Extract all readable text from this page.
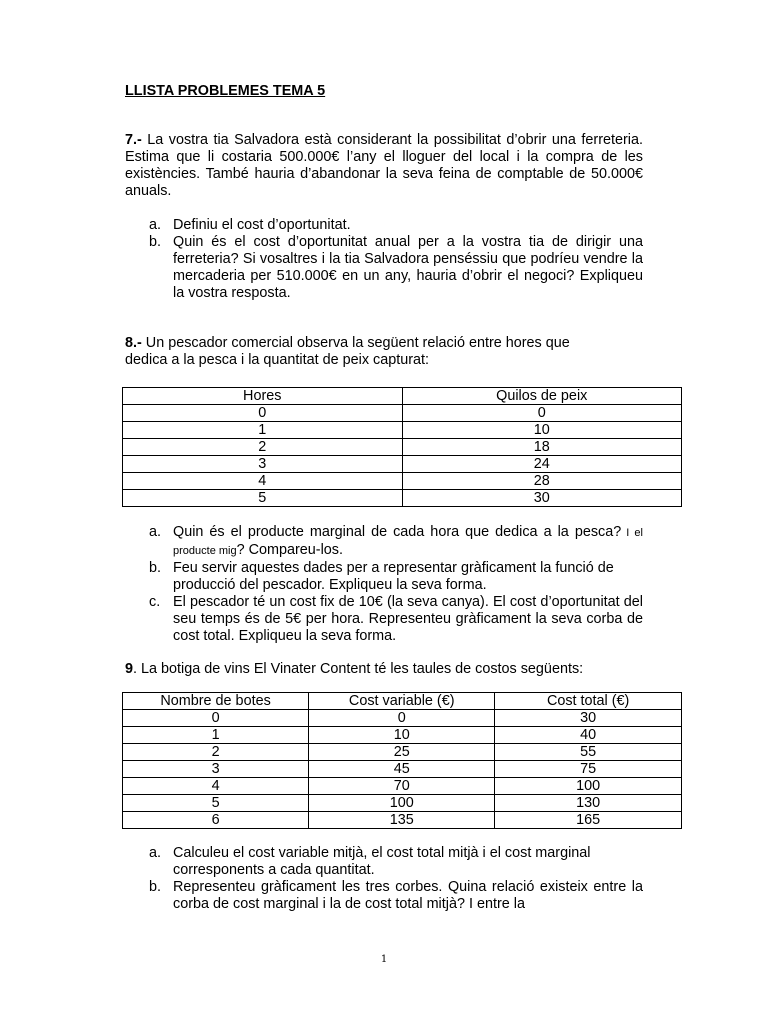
LLISTA PROBLEMES TEMA 5

7.- La vostra tia Salvadora està considerant la possibilitat d’obrir una ferreteria. Estima que li costaria 500.000€ l’any el lloguer del local i la compra de les existències. També hauria d’abandonar la seva feina de comptable de 50.000€ anuals.

a. Definiu el cost d’oportunitat.
b. Quin és el cost d’oportunitat anual per a la vostra tia de dirigir una ferreteria? Si vosaltres i la tia Salvadora penséssiu que podríeu vendre la mercaderia per 510.000€ en un any, hauria d’obrir el negoci? Expliqueu la vostra resposta.

8.- Un pescador comercial observa la següent relació entre hores que dedica a la pesca i la quantitat de peix capturat:

Hores	Quilos de peix
0	0
1	10
2	18
3	24
4	28
5	30
a. Quin és el producte marginal de cada hora que dedica a la pesca? I el producte mig? Compareu-los.
b. Feu servir aquestes dades per a representar gràficament la funció de producció del pescador. Expliqueu la seva forma.
c. El pescador té un cost fix de 10€ (la seva canya). El cost d’oportunitat del seu temps és de 5€ per hora. Representeu gràficament la seva corba de cost total. Expliqueu la seva forma.

9. La botiga de vins El Vinater Content té les taules de costos següents:

Nombre de botes	Cost variable (€)	Cost total (€)
0	0	30
1	10	40
2	25	55
3	45	75
4	70	100
5	100	130
6	135	165
a. Calculeu el cost variable mitjà, el cost total mitjà i el cost marginal corresponents a cada quantitat.
b. Representeu gràficament les tres corbes. Quina relació existeix entre la corba de cost marginal i la de cost total mitjà? I entre la
1
